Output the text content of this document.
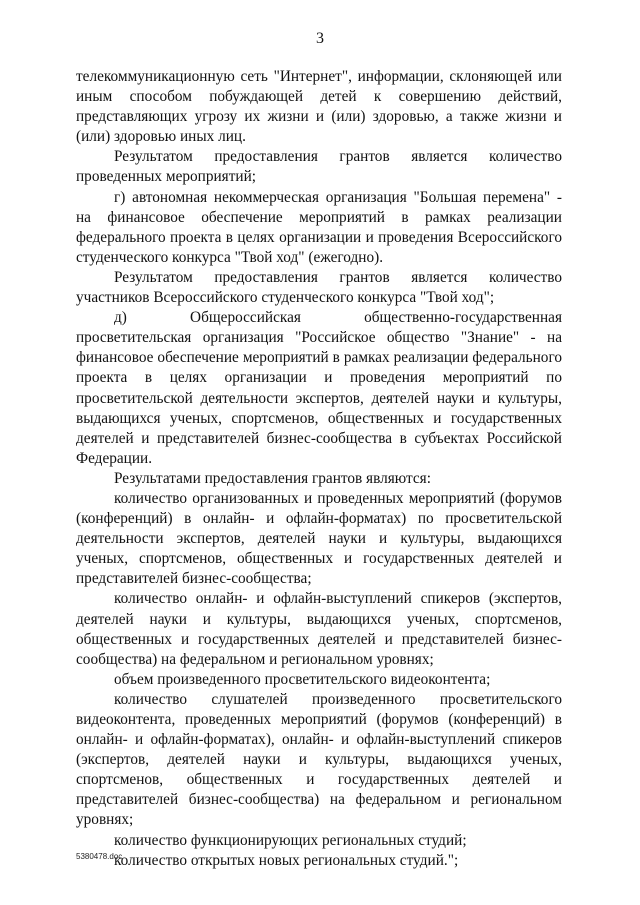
3

телекоммуникационную сеть "Интернет", информации, склоняющей или иным способом побуждающей детей к совершению действий, представляющих угрозу их жизни и (или) здоровью, а также жизни и (или) здоровью иных лиц.

Результатом предоставления грантов является количество проведенных мероприятий;

г) автономная некоммерческая организация "Большая перемена" - на финансовое обеспечение мероприятий в рамках реализации федерального проекта в целях организации и проведения Всероссийского студенческого конкурса "Твой ход" (ежегодно).

Результатом предоставления грантов является количество участников Всероссийского студенческого конкурса "Твой ход";

д) Общероссийская общественно-государственная просветительская организация "Российское общество "Знание" - на финансовое обеспечение мероприятий в рамках реализации федерального проекта в целях организации и проведения мероприятий по просветительской деятельности экспертов, деятелей науки и культуры, выдающихся ученых, спортсменов, общественных и государственных деятелей и представителей бизнес-сообщества в субъектах Российской Федерации.

Результатами предоставления грантов являются:

количество организованных и проведенных мероприятий (форумов (конференций) в онлайн- и офлайн-форматах) по просветительской деятельности экспертов, деятелей науки и культуры, выдающихся ученых, спортсменов, общественных и государственных деятелей и представителей бизнес-сообщества;

количество онлайн- и офлайн-выступлений спикеров (экспертов, деятелей науки и культуры, выдающихся ученых, спортсменов, общественных и государственных деятелей и представителей бизнес-сообщества) на федеральном и региональном уровнях;

объем произведенного просветительского видеоконтента;

количество слушателей произведенного просветительского видеоконтента, проведенных мероприятий (форумов (конференций) в онлайн- и офлайн-форматах), онлайн- и офлайн-выступлений спикеров (экспертов, деятелей науки и культуры, выдающихся ученых, спортсменов, общественных и государственных деятелей и представителей бизнес-сообщества) на федеральном и региональном уровнях;

количество функционирующих региональных студий;

количество открытых новых региональных студий.";

5380478.doc
